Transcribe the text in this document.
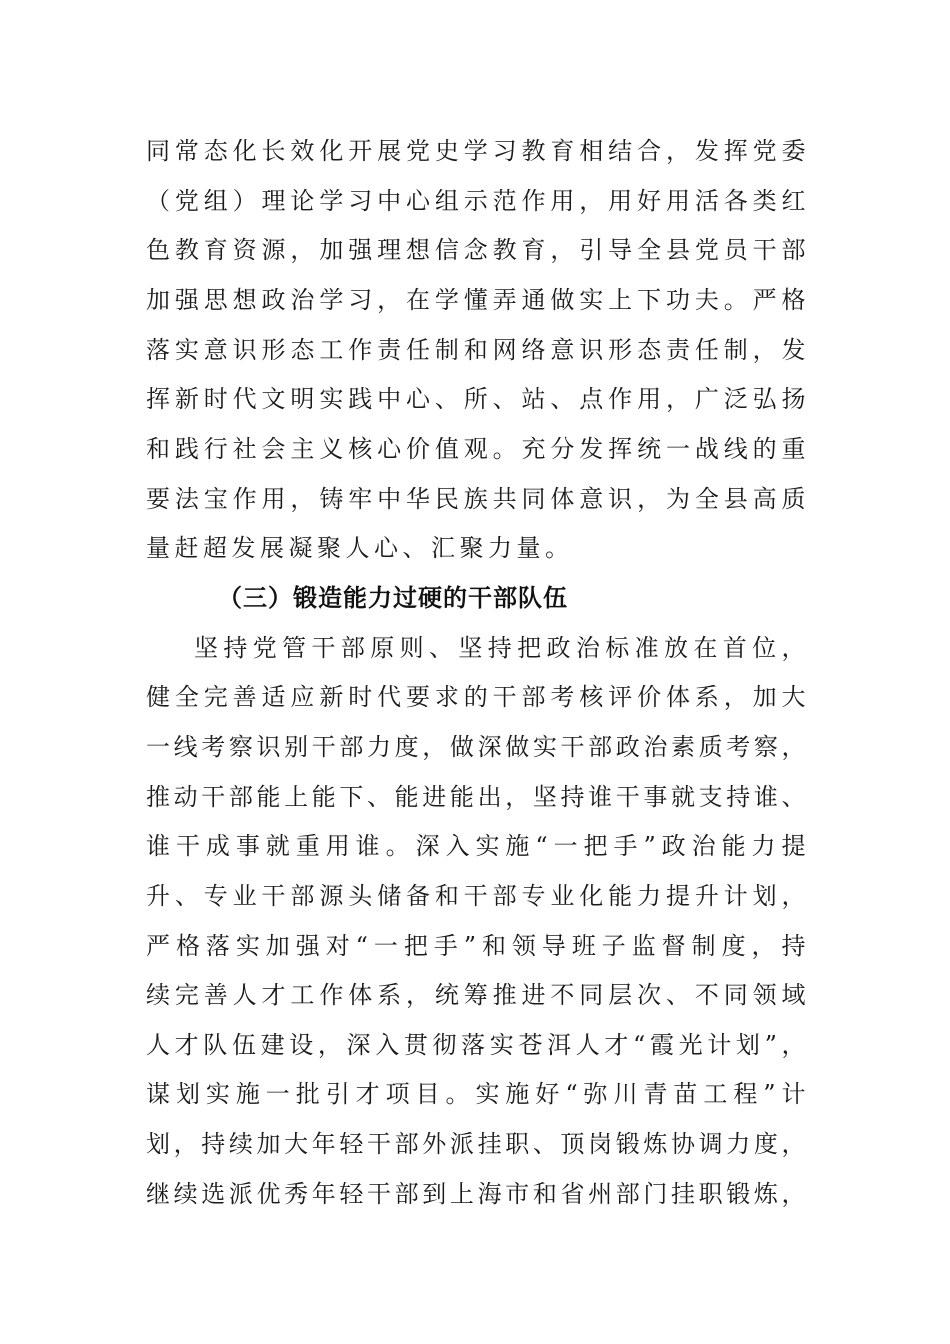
同常态化长效化开展党史学习教育相结合，发挥党委
（党组）理论学习中心组示范作用，用好用活各类红
色教育资源，加强理想信念教育，引导全县党员干部
加强思想政治学习，在学懂弄通做实上下功夫。严格
落实意识形态工作责任制和网络意识形态责任制，发
挥新时代文明实践中心、所、站、点作用，广泛弘扬
和践行社会主义核心价值观。充分发挥统一战线的重
要法宝作用，铸牢中华民族共同体意识，为全县高质
量赶超发展凝聚人心、汇聚力量。
（三）锻造能力过硬的干部队伍
坚持党管干部原则、坚持把政治标准放在首位，
健全完善适应新时代要求的干部考核评价体系，加大
一线考察识别干部力度，做深做实干部政治素质考察，
推动干部能上能下、能进能出，坚持谁干事就支持谁、
谁干成事就重用谁。深入实施“一把手”政治能力提
升、专业干部源头储备和干部专业化能力提升计划，
严格落实加强对“一把手”和领导班子监督制度，持
续完善人才工作体系，统筹推进不同层次、不同领域
人才队伍建设，深入贯彻落实苍洱人才“霞光计划”，
谋划实施一批引才项目。实施好“弥川青苗工程”计
划，持续加大年轻干部外派挂职、顶岗锻炼协调力度，
继续选派优秀年轻干部到上海市和省州部门挂职锻炼，
